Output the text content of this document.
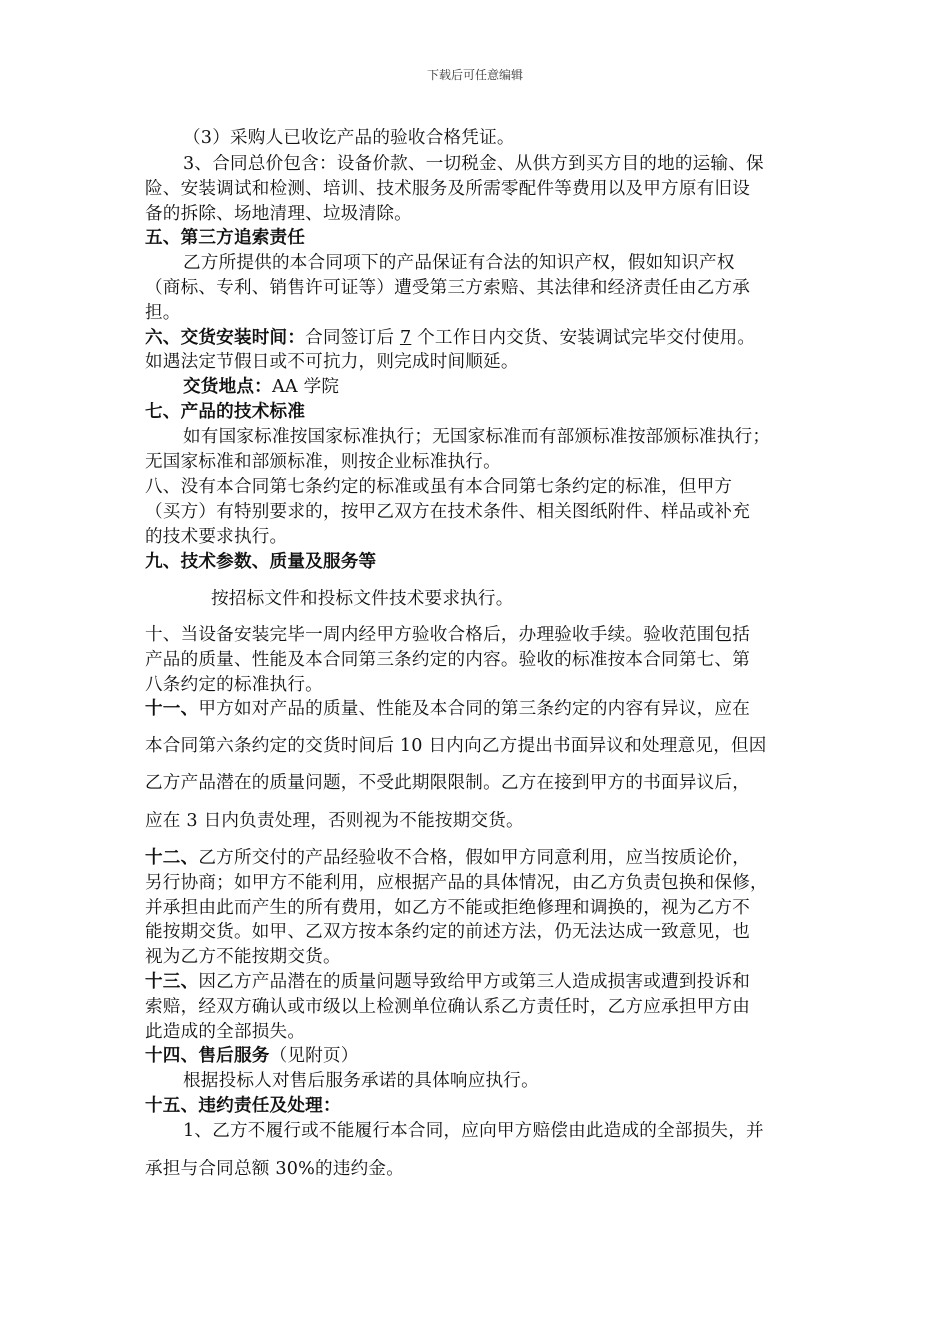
下载后可任意编辑
（3）采购人已收讫产品的验收合格凭证。
3、合同总价包含：设备价款、一切税金、从供方到买方目的地的运输、保
险、安装调试和检测、培训、技术服务及所需零配件等费用以及甲方原有旧设
备的拆除、场地清理、垃圾清除。
五、第三方追索责任
乙方所提供的本合同项下的产品保证有合法的知识产权，假如知识产权
（商标、专利、销售许可证等）遭受第三方索赔、其法律和经济责任由乙方承
担。
六、交货安装时间：合同签订后 7 个工作日内交货、安装调试完毕交付使用。
如遇法定节假日或不可抗力，则完成时间顺延。
交货地点：AA 学院
七、产品的技术标准
如有国家标准按国家标准执行；无国家标准而有部颁标准按部颁标准执行；
无国家标准和部颁标准，则按企业标准执行。
八、没有本合同第七条约定的标准或虽有本合同第七条约定的标准，但甲方
（买方）有特别要求的，按甲乙双方在技术条件、相关图纸附件、样品或补充
的技术要求执行。
九、技术参数、质量及服务等
按招标文件和投标文件技术要求执行。
十、当设备安装完毕一周内经甲方验收合格后，办理验收手续。验收范围包括
产品的质量、性能及本合同第三条约定的内容。验收的标准按本合同第七、第
八条约定的标准执行。
十一、甲方如对产品的质量、性能及本合同的第三条约定的内容有异议，应在
本合同第六条约定的交货时间后 10 日内向乙方提出书面异议和处理意见，但因
乙方产品潜在的质量问题，不受此期限限制。乙方在接到甲方的书面异议后，
应在 3 日内负责处理，否则视为不能按期交货。
十二、乙方所交付的产品经验收不合格，假如甲方同意利用，应当按质论价，
另行协商；如甲方不能利用，应根据产品的具体情况，由乙方负责包换和保修，
并承担由此而产生的所有费用，如乙方不能或拒绝修理和调换的，视为乙方不
能按期交货。如甲、乙双方按本条约定的前述方法，仍无法达成一致意见，也
视为乙方不能按期交货。
十三、因乙方产品潜在的质量问题导致给甲方或第三人造成损害或遭到投诉和
索赔，经双方确认或市级以上检测单位确认系乙方责任时，乙方应承担甲方由
此造成的全部损失。
十四、售后服务（见附页）
根据投标人对售后服务承诺的具体响应执行。
十五、违约责任及处理：
1、乙方不履行或不能履行本合同，应向甲方赔偿由此造成的全部损失，并
承担与合同总额 30%的违约金。
